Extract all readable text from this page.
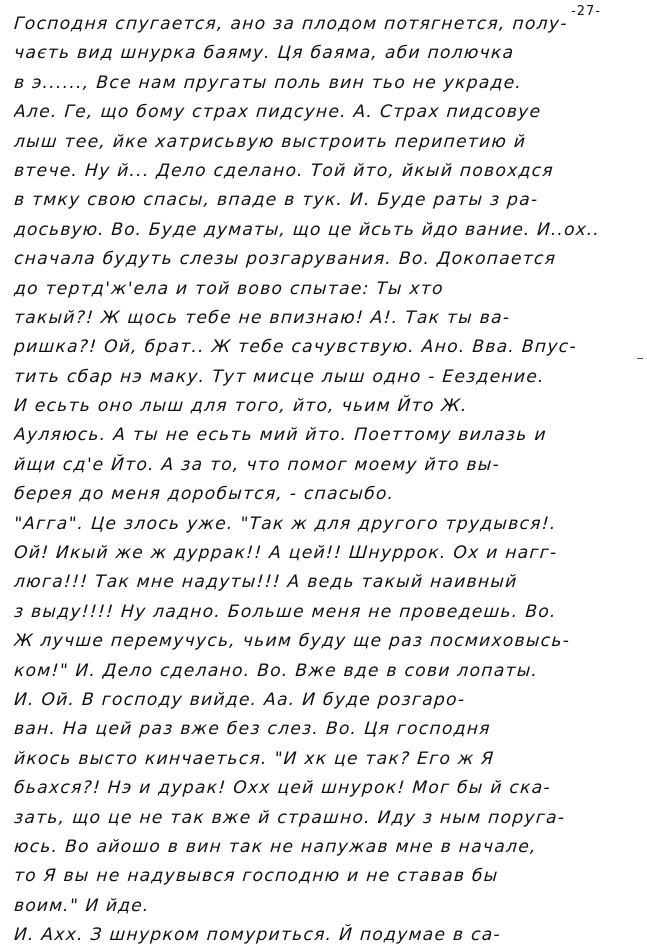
-27-
Господня спугается, ано за плодом потягнется, полу-
чаєть вид шнурка баяму. Ця баяма, аби полючка
в э......, Все нам пругаты поль вин тьо не украде.
Але. Ге, що бому страх пидсуне. А. Страх пидсовуе
лыш тее, йке хатрисьвую выстроить перипетию й
втече. Ну й... Дело сделано. Той йто, йкый повохдся
в тмку свою спасы, впаде в тук. И. Буде раты з ра-
досьвую. Во. Буде думаты, що це йсьть йдо вание. И..ох..
сначала будуть слезы розгарувания. Во. Докопается
до тертд'ж'ела и той вово спытае: Ты хто
такый?! Ж щось тебе не впизнаю! А!. Так ты ва-
ришка?! Ой, брат.. Ж тебе сачувствую. Ано. Вва. Впус-
тить сбар нэ маку. Тут мисце лыш одно - Еездение.
И есьть оно лыш для того, йто, чьим Йто Ж.
Ауляюсь. А ты не есьть мий йто. Поеттому вилазь и
йщи сд'е Йто. А за то, что помог моему йто вы-
берея до меня доробытся, - спасыбо.
"Агга". Це злось уже. "Так ж для другого трудывся!.
Ой! Икый же ж дуррак!! А цей!! Шнуррок. Ох и нагг-
люга!!! Так мне надуты!!! А ведь такый наивный
з выду!!!! Ну ладно. Больше меня не проведешь. Во.
Ж лучше перемучусь, чьим буду ще раз посмиховысь-
ком!" И. Дело сделано. Во. Вже вде в сови лопаты.
И. Ой. В господу вийде. Аа. И буде розгаро-
ван. На цей раз вже без слез. Во. Ця господня
йкось высто кинчаеться. "И хк це так? Его ж Я
бьахся?! Нэ и дурак! Охх цей шнурок! Мог бы й ска-
зать, що це не так вже й страшно. Иду з ным поруга-
юсь. Во айошо в вин так не напужав мне в начале,
то Я вы не надувывся господню и не ставав бы
воим." И йде.
И. Ахх. З шнурком помуриться. Й подумае в са-
